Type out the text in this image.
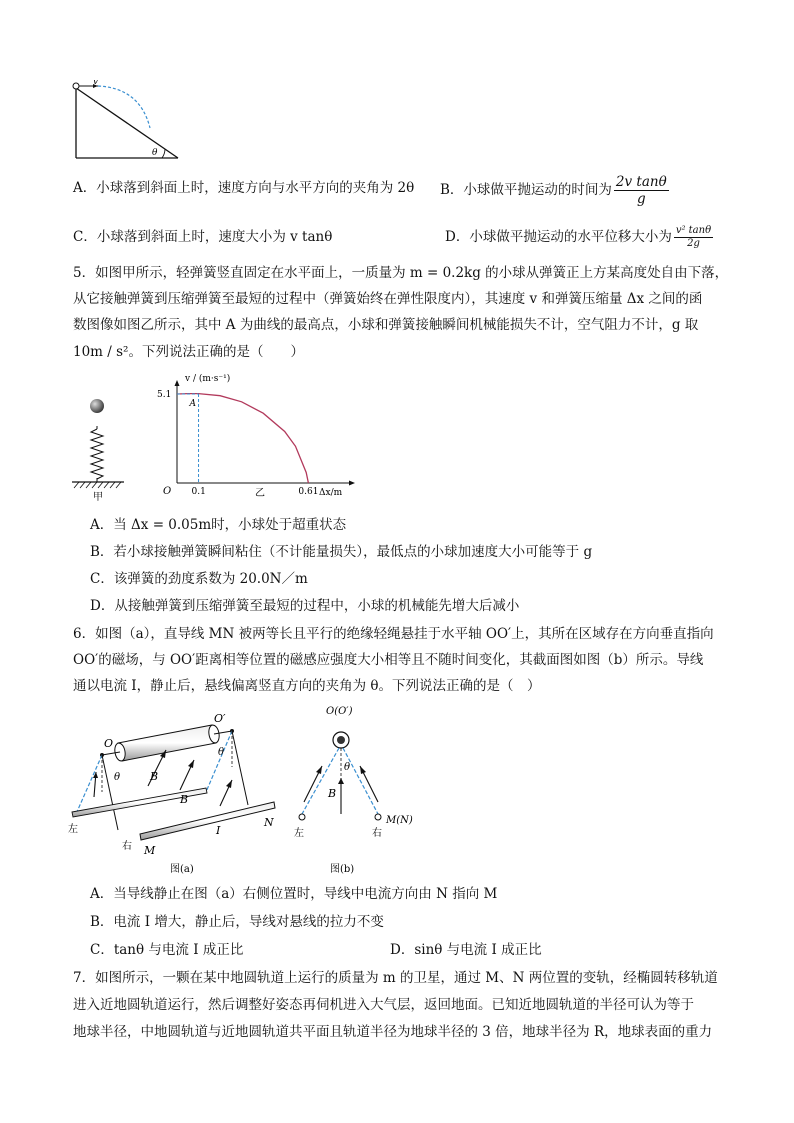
v
θ
A．小球落到斜面上时，速度方向与水平方向的夹角为 2θ B．小球做平抛运动的时间为 $\frac{\text{2v tanθ}}{g}$
C．小球落到斜面上时，速度大小为 v tanθ	D．小球做平抛运动的水平位移大小为 $\frac{\text{v² tanθ}}{2g}$
5．如图甲所示，轻弹簧竖直固定在水平面上，一质量为 m = 0.2kg 的小球从弹簧正上方某高度处自由下落，
从它接触弹簧到压缩弹簧至最短的过程中（弹簧始终在弹性限度内），其速度 v 和弹簧压缩量 Δx 之间的函
数图像如图乙所示，其中 A 为曲线的最高点，小球和弹簧接触瞬间机械能损失不计，空气阻力不计，g 取
10m / s²。下列说法正确的是（　　）
甲
5.1
0.1	0.61
A
v / (m·s⁻¹)
Δx/m
O	乙
A．当 Δx = 0.05m时，小球处于超重状态
B．若小球接触弹簧瞬间粘住（不计能量损失），最低点的小球加速度大小可能等于 g
C．该弹簧的劲度系数为 20.0N／m
D．从接触弹簧到压缩弹簧至最短的过程中，小球的机械能先增大后减小
6．如图（a），直导线 MN 被两等长且平行的绝缘轻绳悬挂于水平轴 OO′上，其所在区域存在方向垂直指向
OO′的磁场，与 OO′距离相等位置的磁感应强度大小相等且不随时间变化，其截面图如图（b）所示。导线
通以电流 I，静止后，悬线偏离竖直方向的夹角为 θ。下列说法正确的是（　）
O
O′
θ
θ
B
B
I
N
M
左
右
图(a)
O(O′)
θ
B
左	右
M(N)
图(b)
A．当导线静止在图（a）右侧位置时，导线中电流方向由 N 指向 M
B．电流 I 增大，静止后，导线对悬线的拉力不变
C．tanθ 与电流 I 成正比	D．sinθ 与电流 I 成正比
7．如图所示，一颗在某中地圆轨道上运行的质量为 m 的卫星，通过 M、N 两位置的变轨，经椭圆转移轨道
进入近地圆轨道运行，然后调整好姿态再伺机进入大气层，返回地面。已知近地圆轨道的半径可认为等于
地球半径，中地圆轨道与近地圆轨道共平面且轨道半径为地球半径的 3 倍，地球半径为 R，地球表面的重力
